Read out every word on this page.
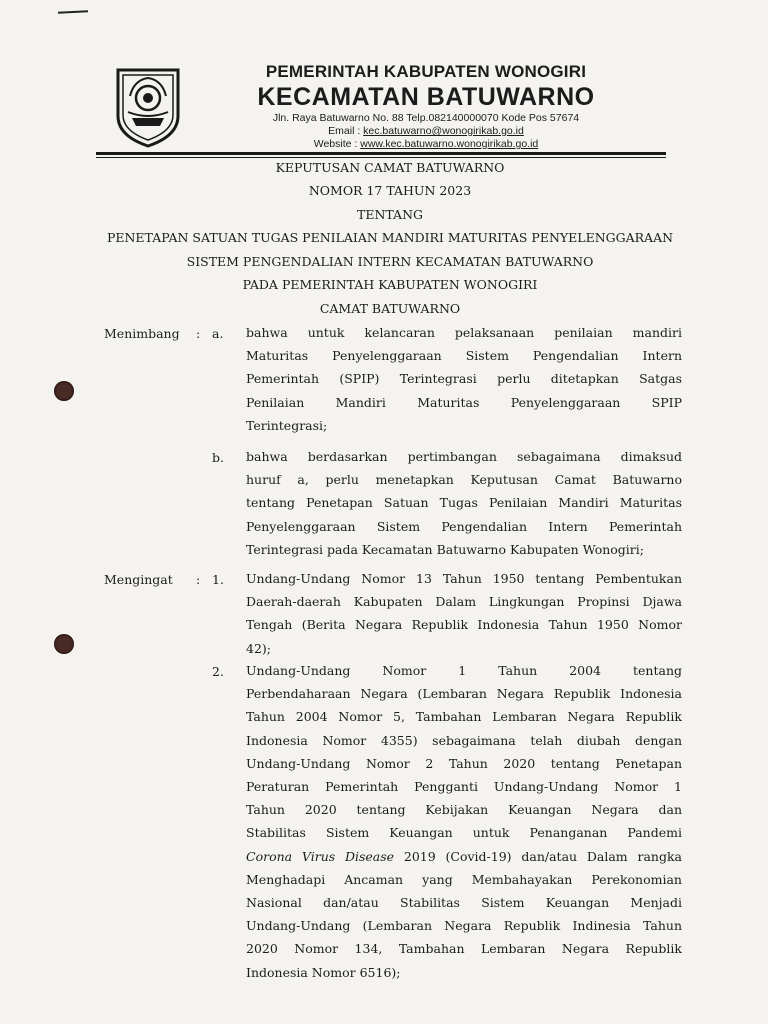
PEMERINTAH KABUPATEN WONOGIRI
KECAMATAN BATUWARNO
Jln. Raya Batuwarno No. 88 Telp.082140000070 Kode Pos 57674
Email : kec.batuwarno@wonogirikab.go.id
Website : www.kec.batuwarno.wonogirikab.go.id
KEPUTUSAN CAMAT BATUWARNO
NOMOR 17 TAHUN 2023
TENTANG
PENETAPAN SATUAN TUGAS PENILAIAN MANDIRI MATURITAS PENYELENGGARAAN
SISTEM PENGENDALIAN INTERN KECAMATAN BATUWARNO
PADA PEMERINTAH KABUPATEN WONOGIRI
CAMAT BATUWARNO
Menimbang : a. bahwa untuk kelancaran pelaksanaan penilaian mandiri
Maturitas Penyelenggaraan Sistem Pengendalian Intern
Pemerintah (SPIP) Terintegrasi perlu ditetapkan Satgas
Penilaian Mandiri Maturitas Penyelenggaraan SPIP
Terintegrasi;
b. bahwa berdasarkan pertimbangan sebagaimana dimaksud
huruf a, perlu menetapkan Keputusan Camat Batuwarno
tentang Penetapan Satuan Tugas Penilaian Mandiri Maturitas
Penyelenggaraan Sistem Pengendalian Intern Pemerintah
Terintegrasi pada Kecamatan Batuwarno Kabupaten Wonogiri;
Mengingat : 1. Undang-Undang Nomor 13 Tahun 1950 tentang Pembentukan
Daerah-daerah Kabupaten Dalam Lingkungan Propinsi Djawa
Tengah (Berita Negara Republik Indonesia Tahun 1950 Nomor
42);
2. Undang-Undang Nomor 1 Tahun 2004 tentang
Perbendaharaan Negara (Lembaran Negara Republik Indonesia
Tahun 2004 Nomor 5, Tambahan Lembaran Negara Republik
Indonesia Nomor 4355) sebagaimana telah diubah dengan
Undang-Undang Nomor 2 Tahun 2020 tentang Penetapan
Peraturan Pemerintah Pengganti Undang-Undang Nomor 1
Tahun 2020 tentang Kebijakan Keuangan Negara dan
Stabilitas Sistem Keuangan untuk Penanganan Pandemi
Corona Virus Disease 2019 (Covid-19) dan/atau Dalam rangka
Menghadapi Ancaman yang Membahayakan Perekonomian
Nasional dan/atau Stabilitas Sistem Keuangan Menjadi
Undang-Undang (Lembaran Negara Republik Indinesia Tahun
2020 Nomor 134, Tambahan Lembaran Negara Republik
Indonesia Nomor 6516);
